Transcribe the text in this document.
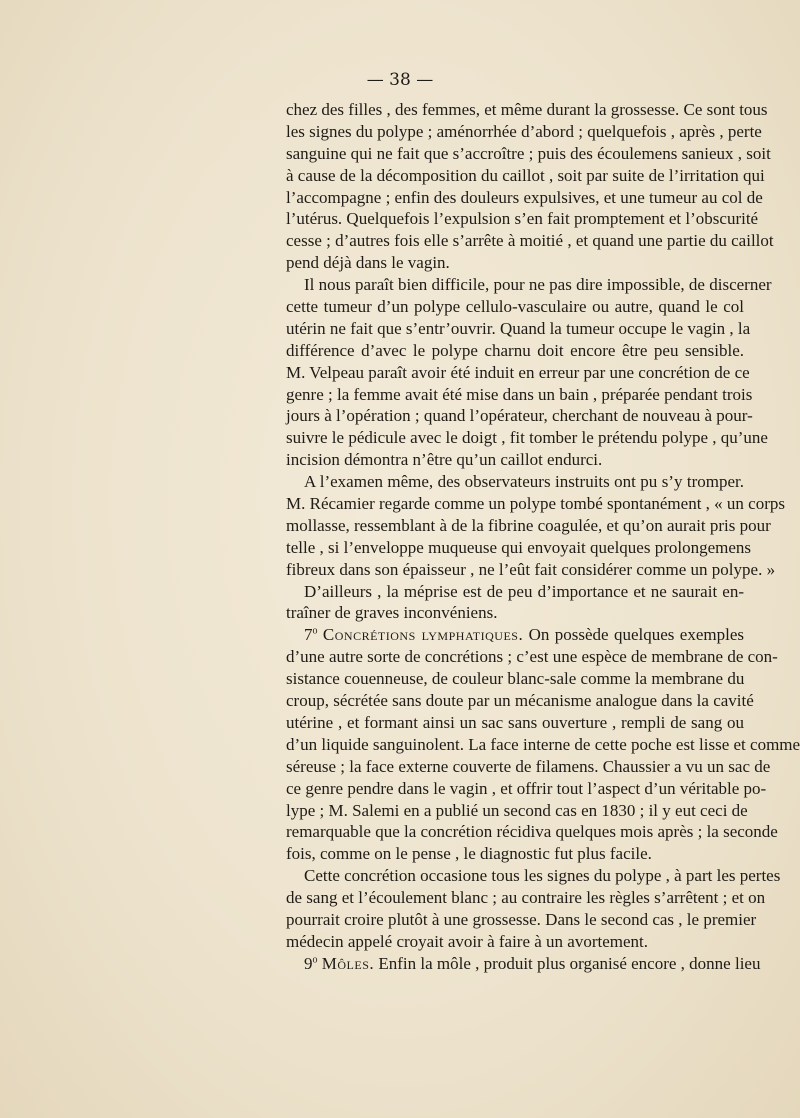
— 38 —
chez des filles , des femmes, et même durant la grossesse. Ce sont tous
les signes du polype ; aménorrhée d’abord ; quelquefois , après , perte
sanguine qui ne fait que s’accroître ; puis des écoulemens sanieux , soit
à cause de la décomposition du caillot , soit par suite de l’irritation qui
l’accompagne ; enfin des douleurs expulsives, et une tumeur au col de
l’utérus. Quelquefois l’expulsion s’en fait promptement et l’obscurité
cesse ; d’autres fois elle s’arrête à moitié , et quand une partie du caillot
pend déjà dans le vagin.
Il nous paraît bien difficile, pour ne pas dire impossible, de discerner
cette tumeur d’un polype cellulo-vasculaire ou autre, quand le col
utérin ne fait que s’entr’ouvrir. Quand la tumeur occupe le vagin , la
différence d’avec le polype charnu doit encore être peu sensible.
M. Velpeau paraît avoir été induit en erreur par une concrétion de ce
genre ; la femme avait été mise dans un bain , préparée pendant trois
jours à l’opération ; quand l’opérateur, cherchant de nouveau à pour-
suivre le pédicule avec le doigt , fit tomber le prétendu polype , qu’une
incision démontra n’être qu’un caillot endurci.
A l’examen même, des observateurs instruits ont pu s’y tromper.
M. Récamier regarde comme un polype tombé spontanément , « un corps
mollasse, ressemblant à de la fibrine coagulée, et qu’on aurait pris pour
telle , si l’enveloppe muqueuse qui envoyait quelques prolongemens
fibreux dans son épaisseur , ne l’eût fait considérer comme un polype. »
D’ailleurs , la méprise est de peu d’importance et ne saurait en-
traîner de graves inconvéniens.
7$^o$ Concrétions lymphatiques. On possède quelques exemples
d’une autre sorte de concrétions ; c’est une espèce de membrane de con-
sistance couenneuse, de couleur blanc-sale comme la membrane du
croup, sécrétée sans doute par un mécanisme analogue dans la cavité
utérine , et formant ainsi un sac sans ouverture , rempli de sang ou
d’un liquide sanguinolent. La face interne de cette poche est lisse et comme
séreuse ; la face externe couverte de filamens. Chaussier a vu un sac de
ce genre pendre dans le vagin , et offrir tout l’aspect d’un véritable po-
lype ; M. Salemi en a publié un second cas en 1830 ; il y eut ceci de
remarquable que la concrétion récidiva quelques mois après ; la seconde
fois, comme on le pense , le diagnostic fut plus facile.
Cette concrétion occasione tous les signes du polype , à part les pertes
de sang et l’écoulement blanc ; au contraire les règles s’arrêtent ; et on
pourrait croire plutôt à une grossesse. Dans le second cas , le premier
médecin appelé croyait avoir à faire à un avortement.
9$^o$ Môles. Enfin la môle , produit plus organisé encore , donne lieu
